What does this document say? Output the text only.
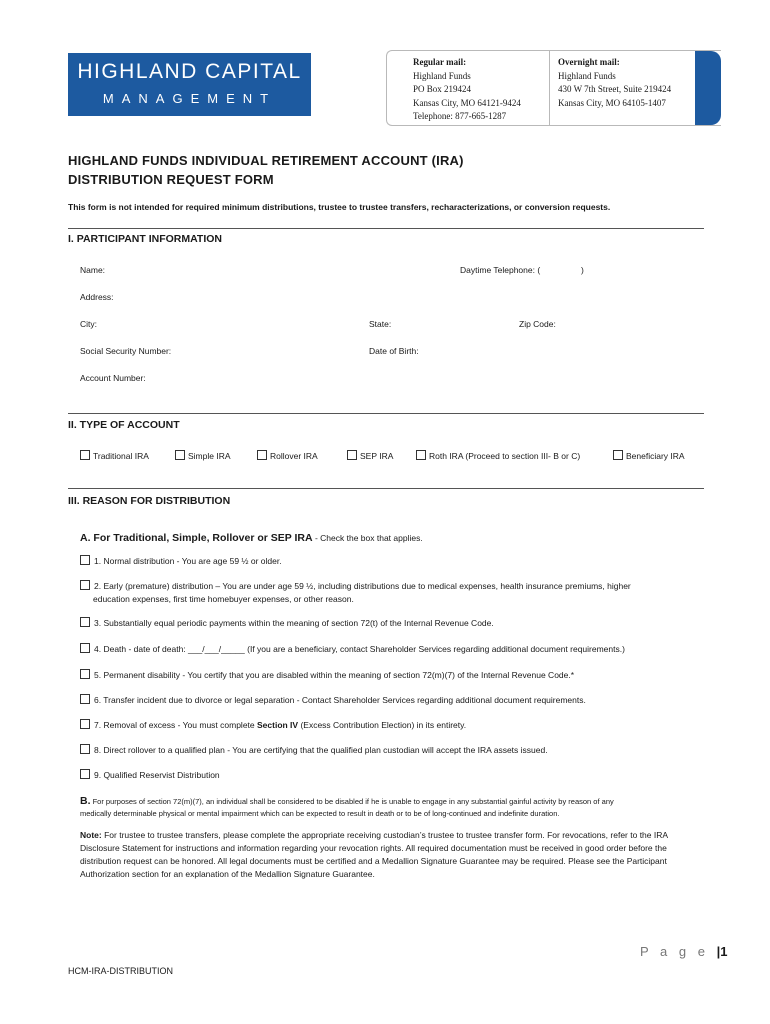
HIGHLAND CAPITAL
MANAGEMENT
Regular mail:
Highland Funds
PO Box 219424
Kansas City, MO 64121-9424
Telephone: 877-665-1287
Overnight mail:
Highland Funds
430 W 7th Street, Suite 219424
Kansas City, MO 64105-1407
HIGHLAND FUNDS INDIVIDUAL RETIREMENT ACCOUNT (IRA)
DISTRIBUTION REQUEST FORM
This form is not intended for required minimum distributions, trustee to trustee transfers, recharacterizations, or conversion requests.
I. PARTICIPANT INFORMATION
Name:	Daytime Telephone: (	)
Address:
City:	State:	Zip Code:
Social Security Number:	Date of Birth:
Account Number:
II. TYPE OF ACCOUNT
Traditional IRA	Simple IRA	Rollover IRA	SEP IRA	Roth IRA (Proceed to section III- B or C)	Beneficiary IRA
III. REASON FOR DISTRIBUTION
A. For Traditional, Simple, Rollover or SEP IRA - Check the box that applies.
1. Normal distribution - You are age 59 ½ or older.
2. Early (premature) distribution – You are under age 59 ½, including distributions due to medical expenses, health insurance premiums, higher
education expenses, first time homebuyer expenses, or other reason.
3. Substantially equal periodic payments within the meaning of section 72(t) of the Internal Revenue Code.
4. Death - date of death: ___/___/_____ (If you are a beneficiary, contact Shareholder Services regarding additional document requirements.)
5. Permanent disability - You certify that you are disabled within the meaning of section 72(m)(7) of the Internal Revenue Code.*
6. Transfer incident due to divorce or legal separation - Contact Shareholder Services regarding additional document requirements.
7. Removal of excess - You must complete Section IV (Excess Contribution Election) in its entirety.
8. Direct rollover to a qualified plan - You are certifying that the qualified plan custodian will accept the IRA assets issued.
9. Qualified Reservist Distribution
B. For purposes of section 72(m)(7), an individual shall be considered to be disabled if he is unable to engage in any substantial gainful activity by reason of any
medically determinable physical or mental impairment which can be expected to result in death or to be of long-continued and indefinite duration.
Note: For trustee to trustee transfers, please complete the appropriate receiving custodian’s trustee to trustee transfer form. For revocations, refer to the IRA Disclosure Statement for instructions and information regarding your revocation rights. All required documentation must be received in good order before the distribution request can be honored. All legal documents must be certified and a Medallion Signature Guarantee may be required. Please see the Participant Authorization section for an explanation of the Medallion Signature Guarantee.
P a g e |1
HCM-IRA-DISTRIBUTION
